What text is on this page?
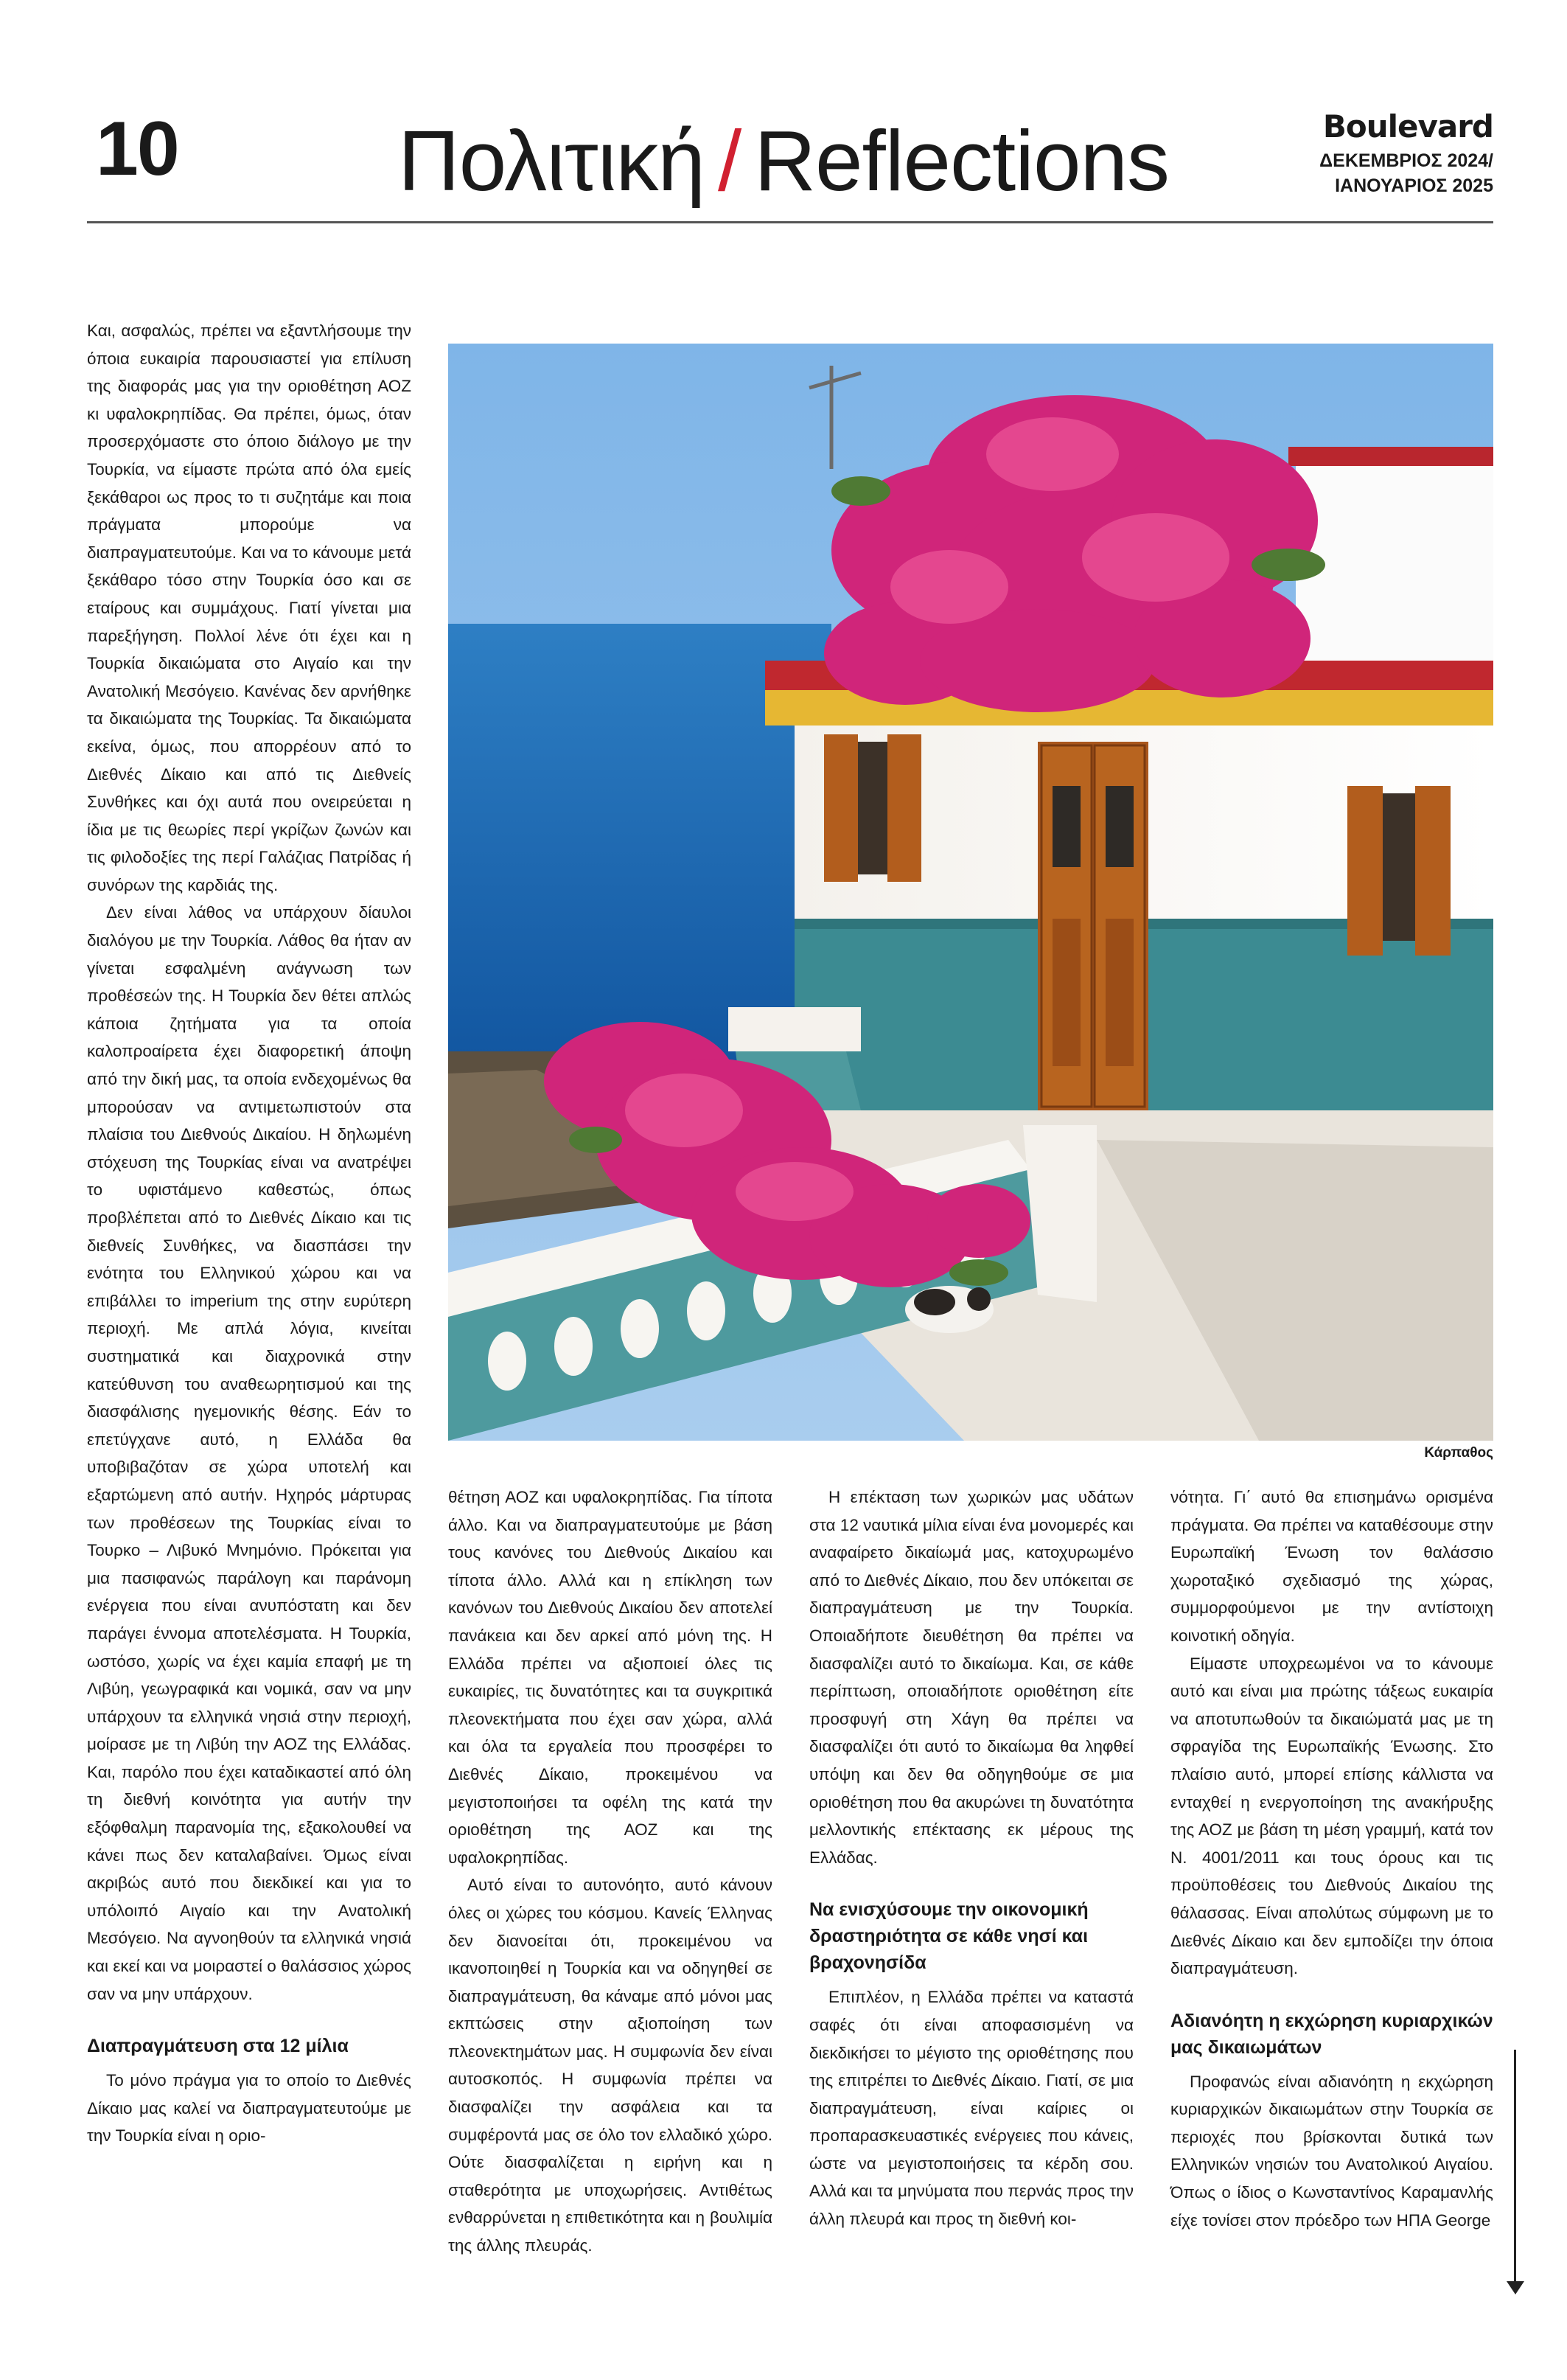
10	Πολιτική / Reflections	Boulevard
ΔΕΚΕΜΒΡΙΟΣ 2024/
ΙΑΝΟΥΑΡΙΟΣ 2025

Και, ασφαλώς, πρέπει να εξαντλήσουμε την όποια ευκαιρία παρουσιαστεί για επίλυση της διαφοράς μας για την οριοθέτηση ΑΟΖ κι υφαλοκρηπίδας. Θα πρέπει, όμως, όταν προσερχόμαστε στο όποιο διάλογο με την Τουρκία, να είμαστε πρώτα από όλα εμείς ξεκάθαροι ως προς το τι συζητάμε και ποια πράγματα μπορούμε να διαπραγματευτούμε. Και να το κάνουμε μετά ξεκάθαρο τόσο στην Τουρκία όσο και σε εταίρους και συμμάχους. Γιατί γίνεται μια παρεξήγηση. Πολλοί λένε ότι έχει και η Τουρκία δικαιώματα στο Αιγαίο και την Ανατολική Μεσόγειο. Κανένας δεν αρνήθηκε τα δικαιώματα της Τουρκίας. Τα δικαιώματα εκείνα, όμως, που απορρέουν από το Διεθνές Δίκαιο και από τις Διεθνείς Συνθήκες και όχι αυτά που ονειρεύεται η ίδια με τις θεωρίες περί γκρίζων ζωνών και τις φιλοδοξίες της περί Γαλάζιας Πατρίδας ή συνόρων της καρδιάς της.

Δεν είναι λάθος να υπάρχουν δίαυλοι διαλόγου με την Τουρκία. Λάθος θα ήταν αν γίνεται εσφαλμένη ανάγνωση των προθέσεών της. Η Τουρκία δεν θέτει απλώς κάποια ζητήματα για τα οποία καλοπροαίρετα έχει διαφορετική άποψη από την δική μας, τα οποία ενδεχομένως θα μπορούσαν να αντιμετωπιστούν στα πλαίσια του Διεθνούς Δικαίου. Η δηλωμένη στόχευση της Τουρκίας είναι να ανατρέψει το υφιστάμενο καθεστώς, όπως προβλέπεται από το Διεθνές Δίκαιο και τις διεθνείς Συνθήκες, να διασπάσει την ενότητα του Ελληνικού χώρου και να επιβάλλει το imperium της στην ευρύτερη περιοχή. Με απλά λόγια, κινείται συστηματικά και διαχρονικά στην κατεύθυνση του αναθεωρητισμού και της διασφάλισης ηγεμονικής θέσης. Εάν το επετύγχανε αυτό, η Ελλάδα θα υποβιβαζόταν σε χώρα υποτελή και εξαρτώμενη από αυτήν. Ηχηρός μάρτυρας των προθέσεων της Τουρκίας είναι το Τουρκο – Λιβυκό Μνημόνιο. Πρόκειται για μια πασιφανώς παράλογη και παράνομη ενέργεια που είναι ανυπόστατη και δεν παράγει έννομα αποτελέσματα. Η Τουρκία, ωστόσο, χωρίς να έχει καμία επαφή με τη Λιβύη, γεωγραφικά και νομικά, σαν να μην υπάρχουν τα ελληνικά νησιά στην περιοχή, μοίρασε με τη Λιβύη την ΑΟΖ της Ελλάδας. Και, παρόλο που έχει καταδικαστεί από όλη τη διεθνή κοινότητα για αυτήν την εξόφθαλμη παρανομία της, εξακολουθεί να κάνει πως δεν καταλαβαίνει. Όμως είναι ακριβώς αυτό που διεκδικεί και για το υπόλοιπό Αιγαίο και την Ανατολική Μεσόγειο. Να αγνοηθούν τα ελληνικά νησιά και εκεί και να μοιραστεί ο θαλάσσιος χώρος σαν να μην υπάρχουν.

Διαπραγμάτευση στα 12 μίλια

Το μόνο πράγμα για το οποίο το Διεθνές Δίκαιο μας καλεί να διαπραγματευτούμε με την Τουρκία είναι η οριο-

Κάρπαθος

θέτηση ΑΟΖ και υφαλοκρηπίδας. Για τίποτα άλλο. Και να διαπραγματευτούμε με βάση τους κανόνες του Διεθνούς Δικαίου και τίποτα άλλο. Αλλά και η επίκληση των κανόνων του Διεθνούς Δικαίου δεν αποτελεί πανάκεια και δεν αρκεί από μόνη της. Η Ελλάδα πρέπει να αξιοποιεί όλες τις ευκαιρίες, τις δυνατότητες και τα συγκριτικά πλεονεκτήματα που έχει σαν χώρα, αλλά και όλα τα εργαλεία που προσφέρει το Διεθνές Δίκαιο, προκειμένου να μεγιστοποιήσει τα οφέλη της κατά την οριοθέτηση της ΑΟΖ και της υφαλοκρηπίδας.

Αυτό είναι το αυτονόητο, αυτό κάνουν όλες οι χώρες του κόσμου. Κανείς Έλληνας δεν διανοείται ότι, προκειμένου να ικανοποιηθεί η Τουρκία και να οδηγηθεί σε διαπραγμάτευση, θα κάναμε από μόνοι μας εκπτώσεις στην αξιοποίηση των πλεονεκτημάτων μας. Η συμφωνία δεν είναι αυτοσκοπός. Η συμφωνία πρέπει να διασφαλίζει την ασφάλεια και τα συμφέροντά μας σε όλο τον ελλαδικό χώρο. Ούτε διασφαλίζεται η ειρήνη και η σταθερότητα με υποχωρήσεις. Αντιθέτως ενθαρρύνεται η επιθετικότητα και η βουλιμία της άλλης πλευράς.

Η επέκταση των χωρικών μας υδάτων στα 12 ναυτικά μίλια είναι ένα μονομερές και αναφαίρετο δικαίωμά μας, κατοχυρωμένο από το Διεθνές Δίκαιο, που δεν υπόκειται σε διαπραγμάτευση με την Τουρκία. Οποιαδήποτε διευθέτηση θα πρέπει να διασφαλίζει αυτό το δικαίωμα. Και, σε κάθε περίπτωση, οποιαδήποτε οριοθέτηση είτε προσφυγή στη Χάγη θα πρέπει να διασφαλίζει ότι αυτό το δικαίωμα θα ληφθεί υπόψη και δεν θα οδηγηθούμε σε μια οριοθέτηση που θα ακυρώνει τη δυνατότητα μελλοντικής επέκτασης εκ μέρους της Ελλάδας.

Να ενισχύσουμε την οικονομική δραστηριότητα σε κάθε νησί και βραχονησίδα

Επιπλέον, η Ελλάδα πρέπει να καταστά σαφές ότι είναι αποφασισμένη να διεκδικήσει το μέγιστο της οριοθέτησης που της επιτρέπει το Διεθνές Δίκαιο. Γιατί, σε μια διαπραγμάτευση, είναι καίριες οι προπαρασκευαστικές ενέργειες που κάνεις, ώστε να μεγιστοποιήσεις τα κέρδη σου. Αλλά και τα μηνύματα που περνάς προς την άλλη πλευρά και προς τη διεθνή κοι-

νότητα. Γι΄ αυτό θα επισημάνω ορισμένα πράγματα. Θα πρέπει να καταθέσουμε στην Ευρωπαϊκή Ένωση τον θαλάσσιο χωροταξικό σχεδιασμό της χώρας, συμμορφούμενοι με την αντίστοιχη κοινοτική οδηγία.

Είμαστε υποχρεωμένοι να το κάνουμε αυτό και είναι μια πρώτης τάξεως ευκαιρία να αποτυπωθούν τα δικαιώματά μας με τη σφραγίδα της Ευρωπαϊκής Ένωσης. Στο πλαίσιο αυτό, μπορεί επίσης κάλλιστα να ενταχθεί η ενεργοποίηση της ανακήρυξης της ΑΟΖ με βάση τη μέση γραμμή, κατά τον Ν. 4001/2011 και τους όρους και τις προϋποθέσεις του Διεθνούς Δικαίου της θάλασσας. Είναι απολύτως σύμφωνη με το Διεθνές Δίκαιο και δεν εμποδίζει την όποια διαπραγμάτευση.

Αδιανόητη η εκχώρηση κυριαρχικών μας δικαιωμάτων

Προφανώς είναι αδιανόητη η εκχώρηση κυριαρχικών δικαιωμάτων στην Τουρκία σε περιοχές που βρίσκονται δυτικά των Ελληνικών νησιών του Ανατολικού Αιγαίου. Όπως ο ίδιος ο Κωνσταντίνος Καραμανλής είχε τονίσει στον πρόεδρο των ΗΠΑ George
